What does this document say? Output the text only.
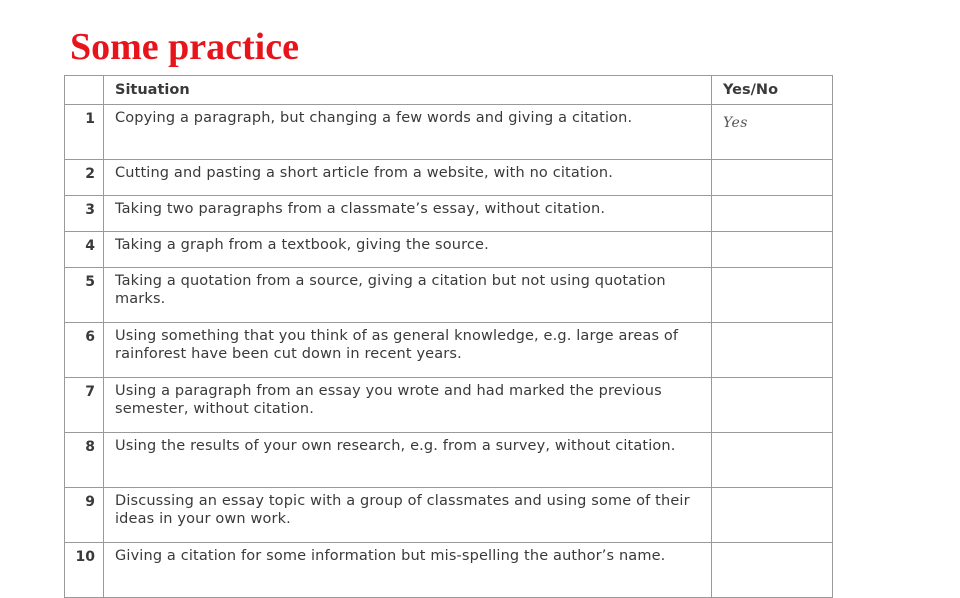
Some practice
	Situation	Yes/No
1	Copying a paragraph, but changing a few words and giving a citation.	Yes
2	Cutting and pasting a short article from a website, with no citation.	
3	Taking two paragraphs from a classmate’s essay, without citation.	
4	Taking a graph from a textbook, giving the source.	
5	Taking a quotation from a source, giving a citation but not using quotation marks.	
6	Using something that you think of as general knowledge, e.g. large areas of rainforest have been cut down in recent years.	
7	Using a paragraph from an essay you wrote and had marked the previous semester, without citation.	
8	Using the results of your own research, e.g. from a survey, without citation.	
9	Discussing an essay topic with a group of classmates and using some of their ideas in your own work.	
10	Giving a citation for some information but mis-spelling the author’s name.	
